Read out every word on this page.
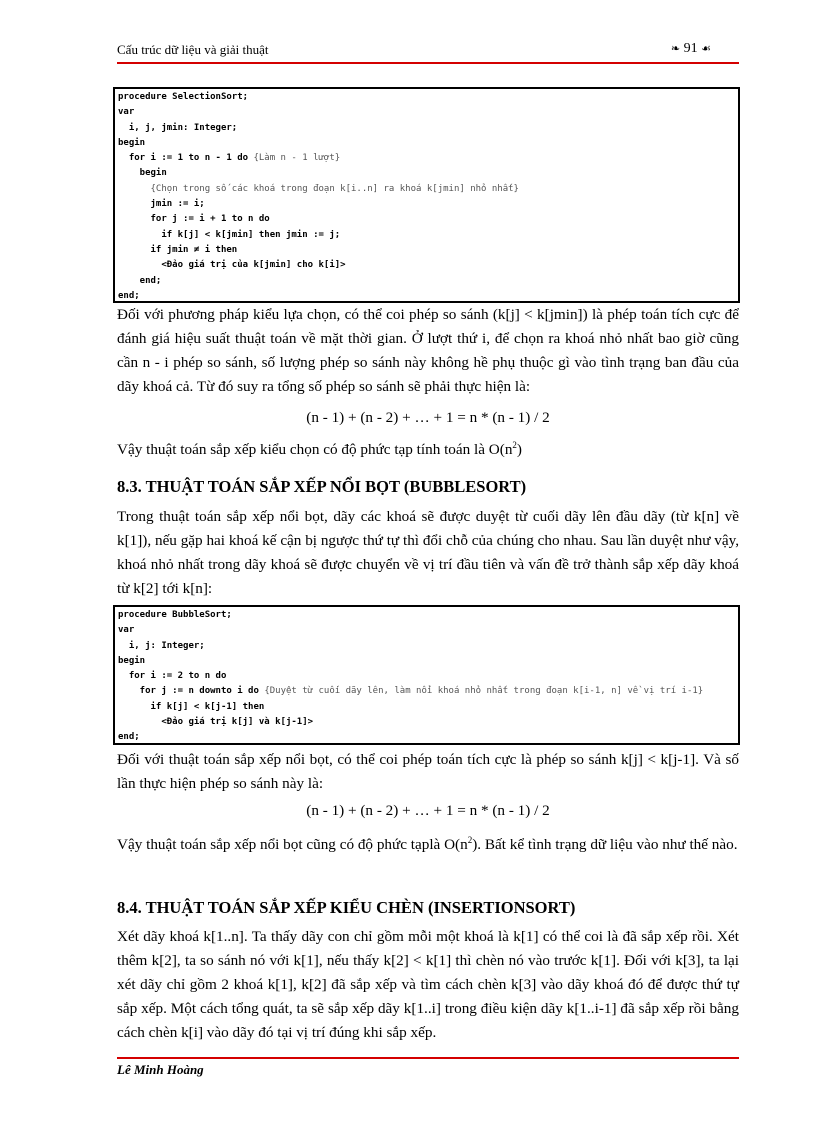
Cấu trúc dữ liệu và giải thuật	❧ 91 ☙
procedure SelectionSort;
var
i, j, jmin: Integer;
begin
for i := 1 to n - 1 do {Làm n - 1 lượt}
begin
{Chọn trong số các khoá trong đoạn k[i..n] ra khoá k[jmin] nhỏ nhất}
jmin := i;
for j := i + 1 to n do
if k[j] < k[jmin] then jmin := j;
if jmin ≠ i then
<Đảo giá trị của k[jmin] cho k[i]>
end;
end;

Đối với phương pháp kiểu lựa chọn, có thể coi phép so sánh (k[j] < k[jmin]) là phép toán tích cực để đánh giá hiệu suất thuật toán về mặt thời gian. Ở lượt thứ i, để chọn ra khoá nhỏ nhất bao giờ cũng cần n - i phép so sánh, số lượng phép so sánh này không hề phụ thuộc gì vào tình trạng ban đầu của dãy khoá cả. Từ đó suy ra tổng số phép so sánh sẽ phải thực hiện là:

(n - 1) + (n - 2) + … + 1 = n * (n - 1) / 2

Vậy thuật toán sắp xếp kiểu chọn có độ phức tạp tính toán là $O(n^2)$

8.3. THUẬT TOÁN SẮP XẾP NỔI BỌT (BUBBLESORT)

Trong thuật toán sắp xếp nổi bọt, dãy các khoá sẽ được duyệt từ cuối dãy lên đầu dãy (từ k[n] về k[1]), nếu gặp hai khoá kế cận bị ngược thứ tự thì đổi chỗ của chúng cho nhau. Sau lần duyệt như vậy, khoá nhỏ nhất trong dãy khoá sẽ được chuyển về vị trí đầu tiên và vấn đề trở thành sắp xếp dãy khoá từ k[2] tới k[n]:

procedure BubbleSort;
var
i, j: Integer;
begin
for i := 2 to n do
for j := n downto i do {Duyệt từ cuối dãy lên, làm nổi khoá nhỏ nhất trong đoạn k[i-1, n] về vị trí i-1}
if k[j] < k[j-1] then
<Đảo giá trị k[j] và k[j-1]>
end;

Đối với thuật toán sắp xếp nổi bọt, có thể coi phép toán tích cực là phép so sánh k[j] < k[j-1]. Và số lần thực hiện phép so sánh này là:

(n - 1) + (n - 2) + … + 1 = n * (n - 1) / 2

Vậy thuật toán sắp xếp nổi bọt cũng có độ phức tạplà $O(n^2)$. Bất kể tình trạng dữ liệu vào như thế nào.

8.4. THUẬT TOÁN SẮP XẾP KIỂU CHÈN (INSERTIONSORT)

Xét dãy khoá k[1..n]. Ta thấy dãy con chỉ gồm mỗi một khoá là k[1] có thể coi là đã sắp xếp rồi. Xét thêm k[2], ta so sánh nó với k[1], nếu thấy k[2] < k[1] thì chèn nó vào trước k[1]. Đối với k[3], ta lại xét dãy chỉ gồm 2 khoá k[1], k[2] đã sắp xếp và tìm cách chèn k[3] vào dãy khoá đó để được thứ tự sắp xếp. Một cách tổng quát, ta sẽ sắp xếp dãy k[1..i] trong điều kiện dãy k[1..i-1] đã sắp xếp rồi bằng cách chèn k[i] vào dãy đó tại vị trí đúng khi sắp xếp.

Lê Minh Hoàng
